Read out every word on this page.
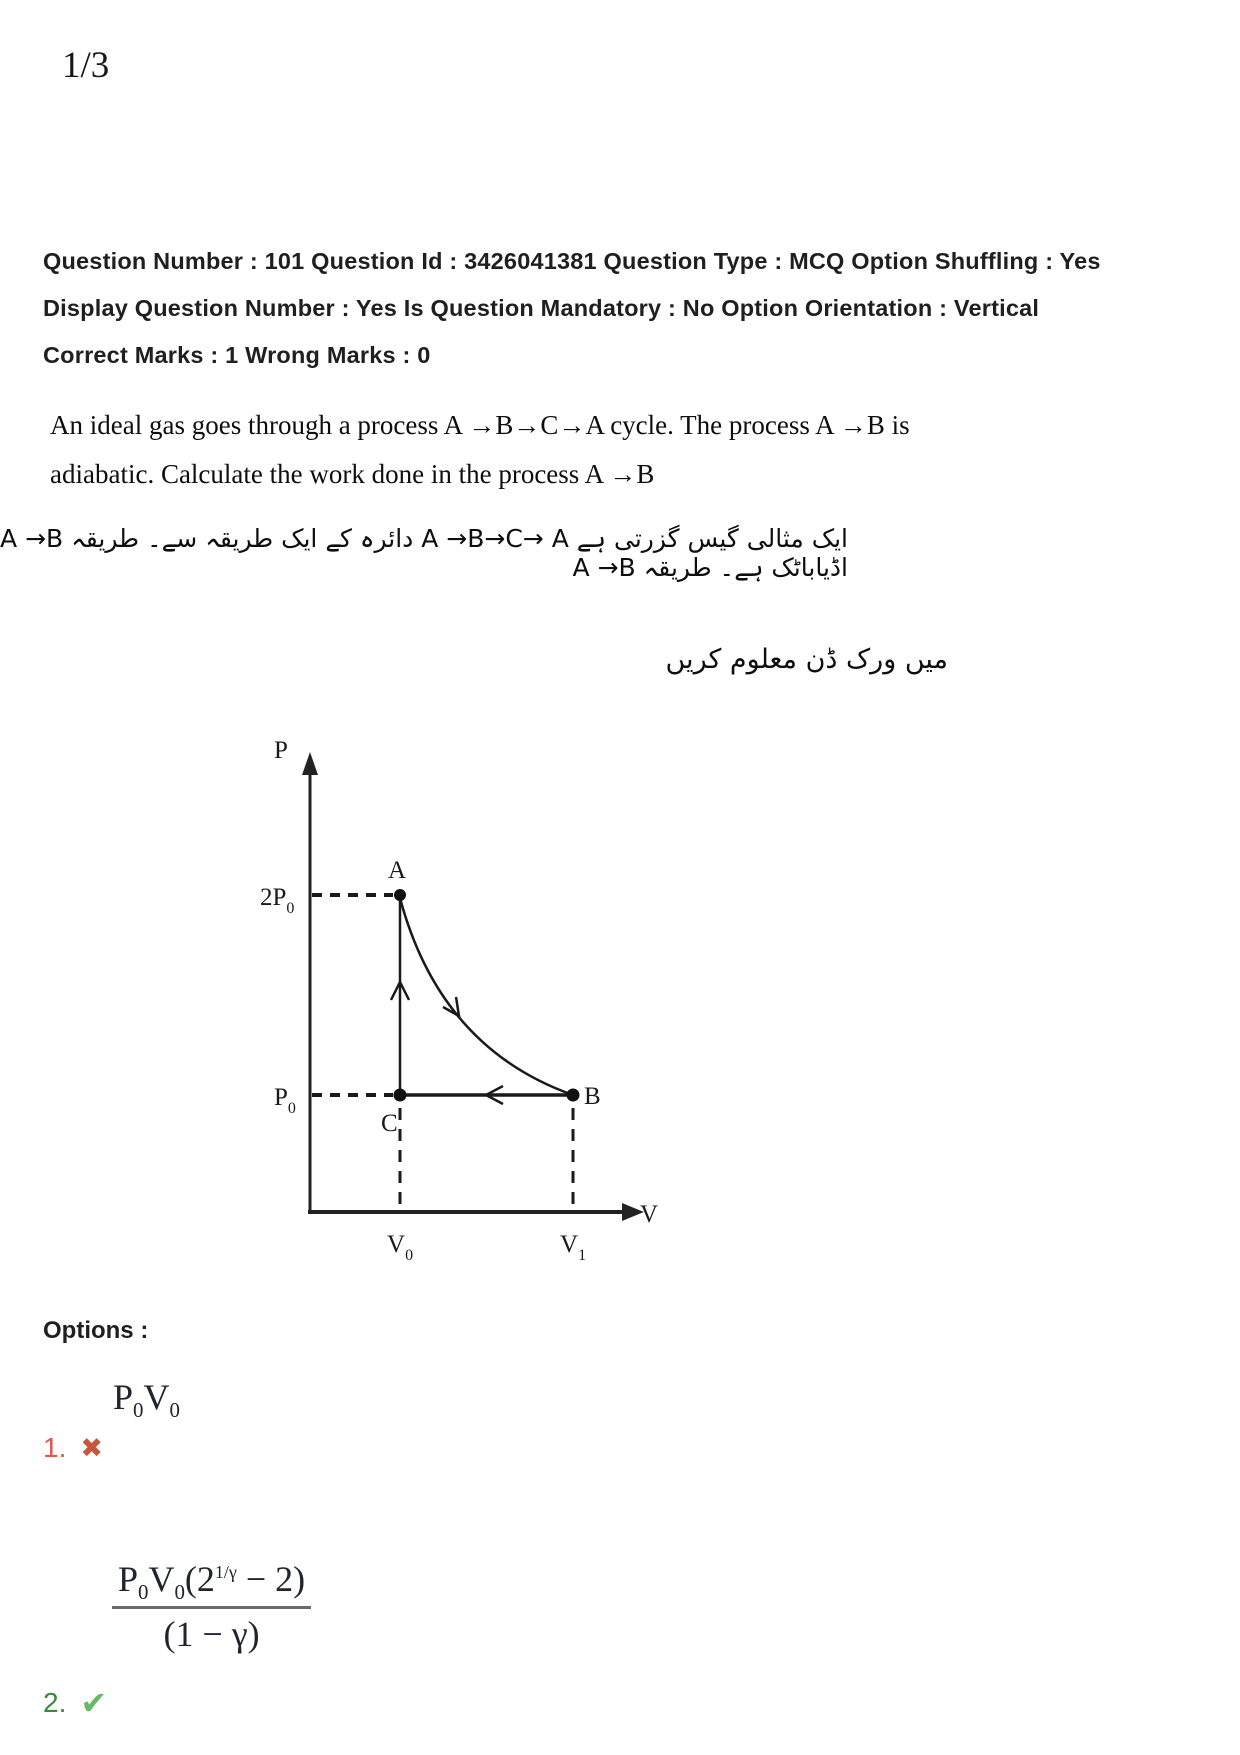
1/3
Question Number : 101 Question Id : 3426041381 Question Type : MCQ Option Shuffling : Yes
Display Question Number : Yes Is Question Mandatory : No Option Orientation : Vertical
Correct Marks : 1 Wrong Marks : 0
An ideal gas goes through a process A →B→C→A cycle. The process A →B is
adiabatic. Calculate the work done in the process A →B
ایک مثالی گیس گزرتی ہے A →B→C→ A دائرہ کے ایک طریقہ سے۔ طریقہ A →B اڈیاباٹک ہے۔ طریقہ A →B
میں ورک ڈن معلوم کریں
P
V
A
B
C
$2P_0$
$P_0$
$V_0$	$V_1$
Options :
$P_0V_0$
1. ✖
$\frac{P_0V_0(2^{1/\gamma} - 2)}{(1 - \gamma)}$
2. ✔
